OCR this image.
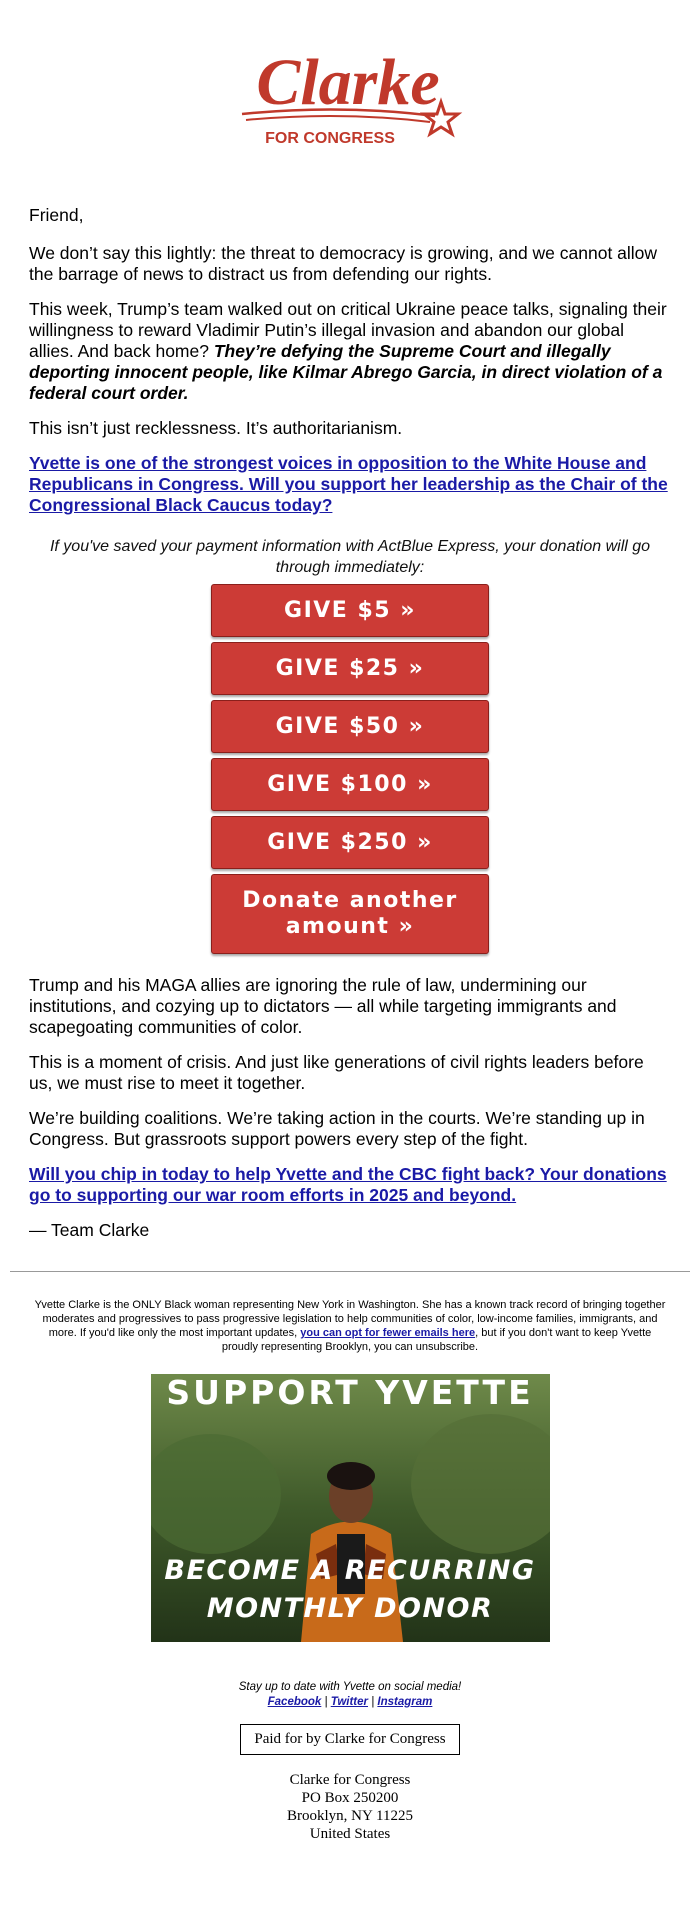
Clarke
FOR CONGRESS

Friend,

We don’t say this lightly: the threat to democracy is growing, and we cannot allow the barrage of news to distract us from defending our rights.

This week, Trump’s team walked out on critical Ukraine peace talks, signaling their willingness to reward Vladimir Putin’s illegal invasion and abandon our global allies. And back home? They’re defying the Supreme Court and illegally deporting innocent people, like Kilmar Abrego Garcia, in direct violation of a federal court order.

This isn’t just recklessness. It’s authoritarianism.

Yvette is one of the strongest voices in opposition to the White House and Republicans in Congress. Will you support her leadership as the Chair of the Congressional Black Caucus today?

If you've saved your payment information with ActBlue Express, your donation will go through immediately:
GIVE $5 »
GIVE $25 »
GIVE $50 »
GIVE $100 »
GIVE $250 »
Donate another amount »

Trump and his MAGA allies are ignoring the rule of law, undermining our institutions, and cozying up to dictators — all while targeting immigrants and scapegoating communities of color.

This is a moment of crisis. And just like generations of civil rights leaders before us, we must rise to meet it together.

We’re building coalitions. We’re taking action in the courts. We’re standing up in Congress. But grassroots support powers every step of the fight.

Will you chip in today to help Yvette and the CBC fight back? Your donations go to supporting our war room efforts in 2025 and beyond.

— Team Clarke

Yvette Clarke is the ONLY Black woman representing New York in Washington. She has a known track record of bringing together moderates and progressives to pass progressive legislation to help communities of color, low-income families, immigrants, and more. If you'd like only the most important updates, you can opt for fewer emails here, but if you don't want to keep Yvette proudly representing Brooklyn, you can unsubscribe.
SUPPORT YVETTE
BECOME A RECURRING
MONTHLY DONOR
Stay up to date with Yvette on social media!
Facebook | Twitter | Instagram
Paid for by Clarke for Congress
Clarke for Congress
PO Box 250200
Brooklyn, NY 11225
United States
